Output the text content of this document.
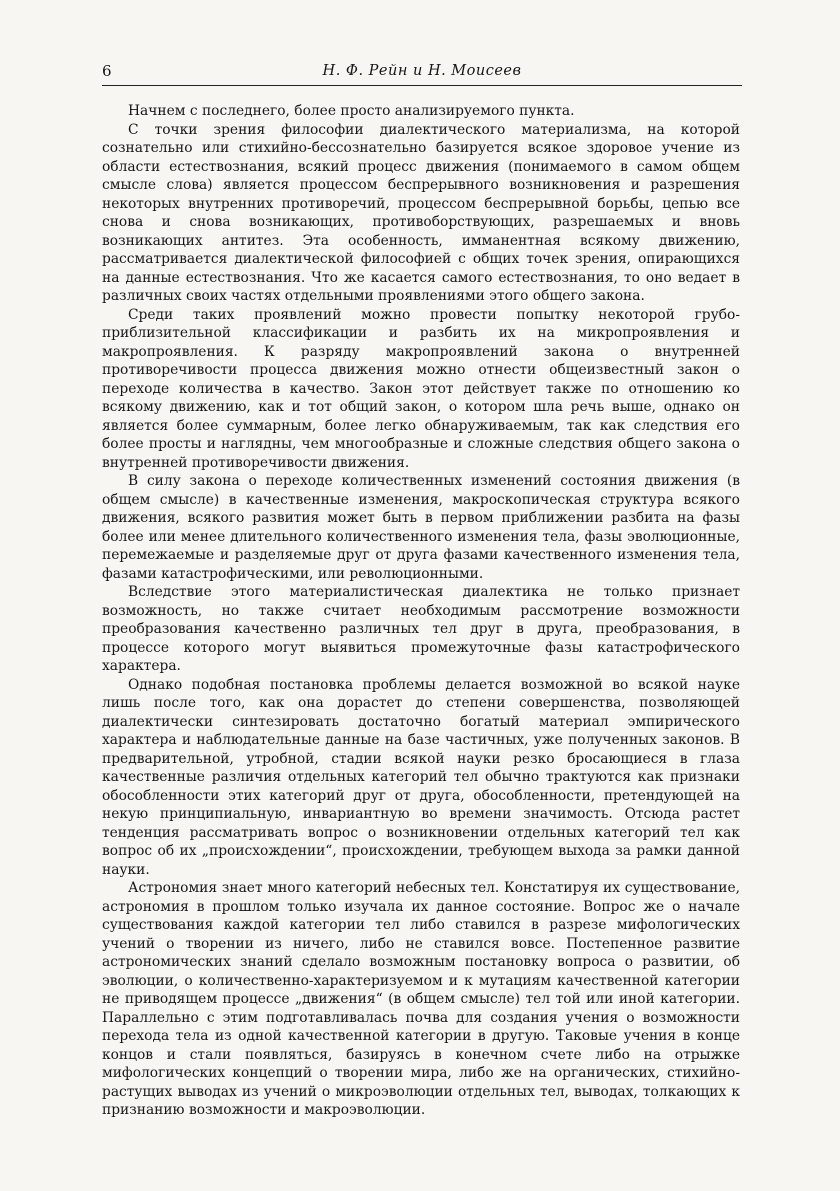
6	Н. Ф. Рейн и Н. Моисеев

Начнем с последнего, более просто анализируемого пункта.

С точки зрения философии диалектического материализма, на которой сознательно или стихийно-бессознательно базируется всякое здоровое учение из области естествознания, всякий процесс движения (понимаемого в самом общем смысле слова) является процессом беспрерывного возникновения и разрешения некоторых внутренних противоречий, процессом беспрерывной борьбы, цепью все снова и снова возникающих, противоборствующих, разрешаемых и вновь возникающих антитез. Эта особенность, имманентная всякому движению, рассматривается диалектической философией с общих точек зрения, опирающихся на данные естествознания. Что же касается самого естествознания, то оно ведает в различных своих частях отдельными проявлениями этого общего закона.

Среди таких проявлений можно провести попытку некоторой грубо-приблизительной классификации и разбить их на микропроявления и макропроявления. К разряду макропроявлений закона о внутренней противоречивости процесса движения можно отнести общеизвестный закон о переходе количества в качество. Закон этот действует также по отношению ко всякому движению, как и тот общий закон, о котором шла речь выше, однако он является более суммарным, более легко обнаруживаемым, так как следствия его более просты и наглядны, чем многообразные и сложные следствия общего закона о внутренней противоречивости движения.

В силу закона о переходе количественных изменений состояния движения (в общем смысле) в качественные изменения, макроскопическая структура всякого движения, всякого развития может быть в первом приближении разбита на фазы более или менее длительного количественного изменения тела, фазы эволюционные, перемежаемые и разделяемые друг от друга фазами качественного изменения тела, фазами катастрофическими, или революционными.

Вследствие этого материалистическая диалектика не только признает возможность, но также считает необходимым рассмотрение возможности преобразования качественно различных тел друг в друга, преобразования, в процессе которого могут выявиться промежуточные фазы катастрофического характера.

Однако подобная постановка проблемы делается возможной во всякой науке лишь после того, как она дорастет до степени совершенства, позволяющей диалектически синтезировать достаточно богатый материал эмпирического характера и наблюдательные данные на базе частичных, уже полученных законов. В предварительной, утробной, стадии всякой науки резко бросающиеся в глаза качественные различия отдельных категорий тел обычно трактуются как признаки обособленности этих категорий друг от друга, обособленности, претендующей на некую принципиальную, инвариантную во времени значимость. Отсюда растет тенденция рассматривать вопрос о возникновении отдельных категорий тел как вопрос об их „происхождении“, происхождении, требующем выхода за рамки данной науки.

Астрономия знает много категорий небесных тел. Констатируя их существование, астрономия в прошлом только изучала их данное состояние. Вопрос же о начале существования каждой категории тел либо ставился в разрезе мифологических учений о творении из ничего, либо не ставился вовсе. Постепенное развитие астрономических знаний сделало возможным постановку вопроса о развитии, об эволюции, о количественно-характеризуемом и к мутациям качественной категории не приводящем процессе „движения“ (в общем смысле) тел той или иной категории. Параллельно с этим подготавливалась почва для создания учения о возможности перехода тела из одной качественной категории в другую. Таковые учения в конце концов и стали появляться, базируясь в конечном счете либо на отрыжке мифологических концепций о творении мира, либо же на органических, стихийно-растущих выводах из учений о микроэволюции отдельных тел, выводах, толкающих к признанию возможности и макроэволюции.
